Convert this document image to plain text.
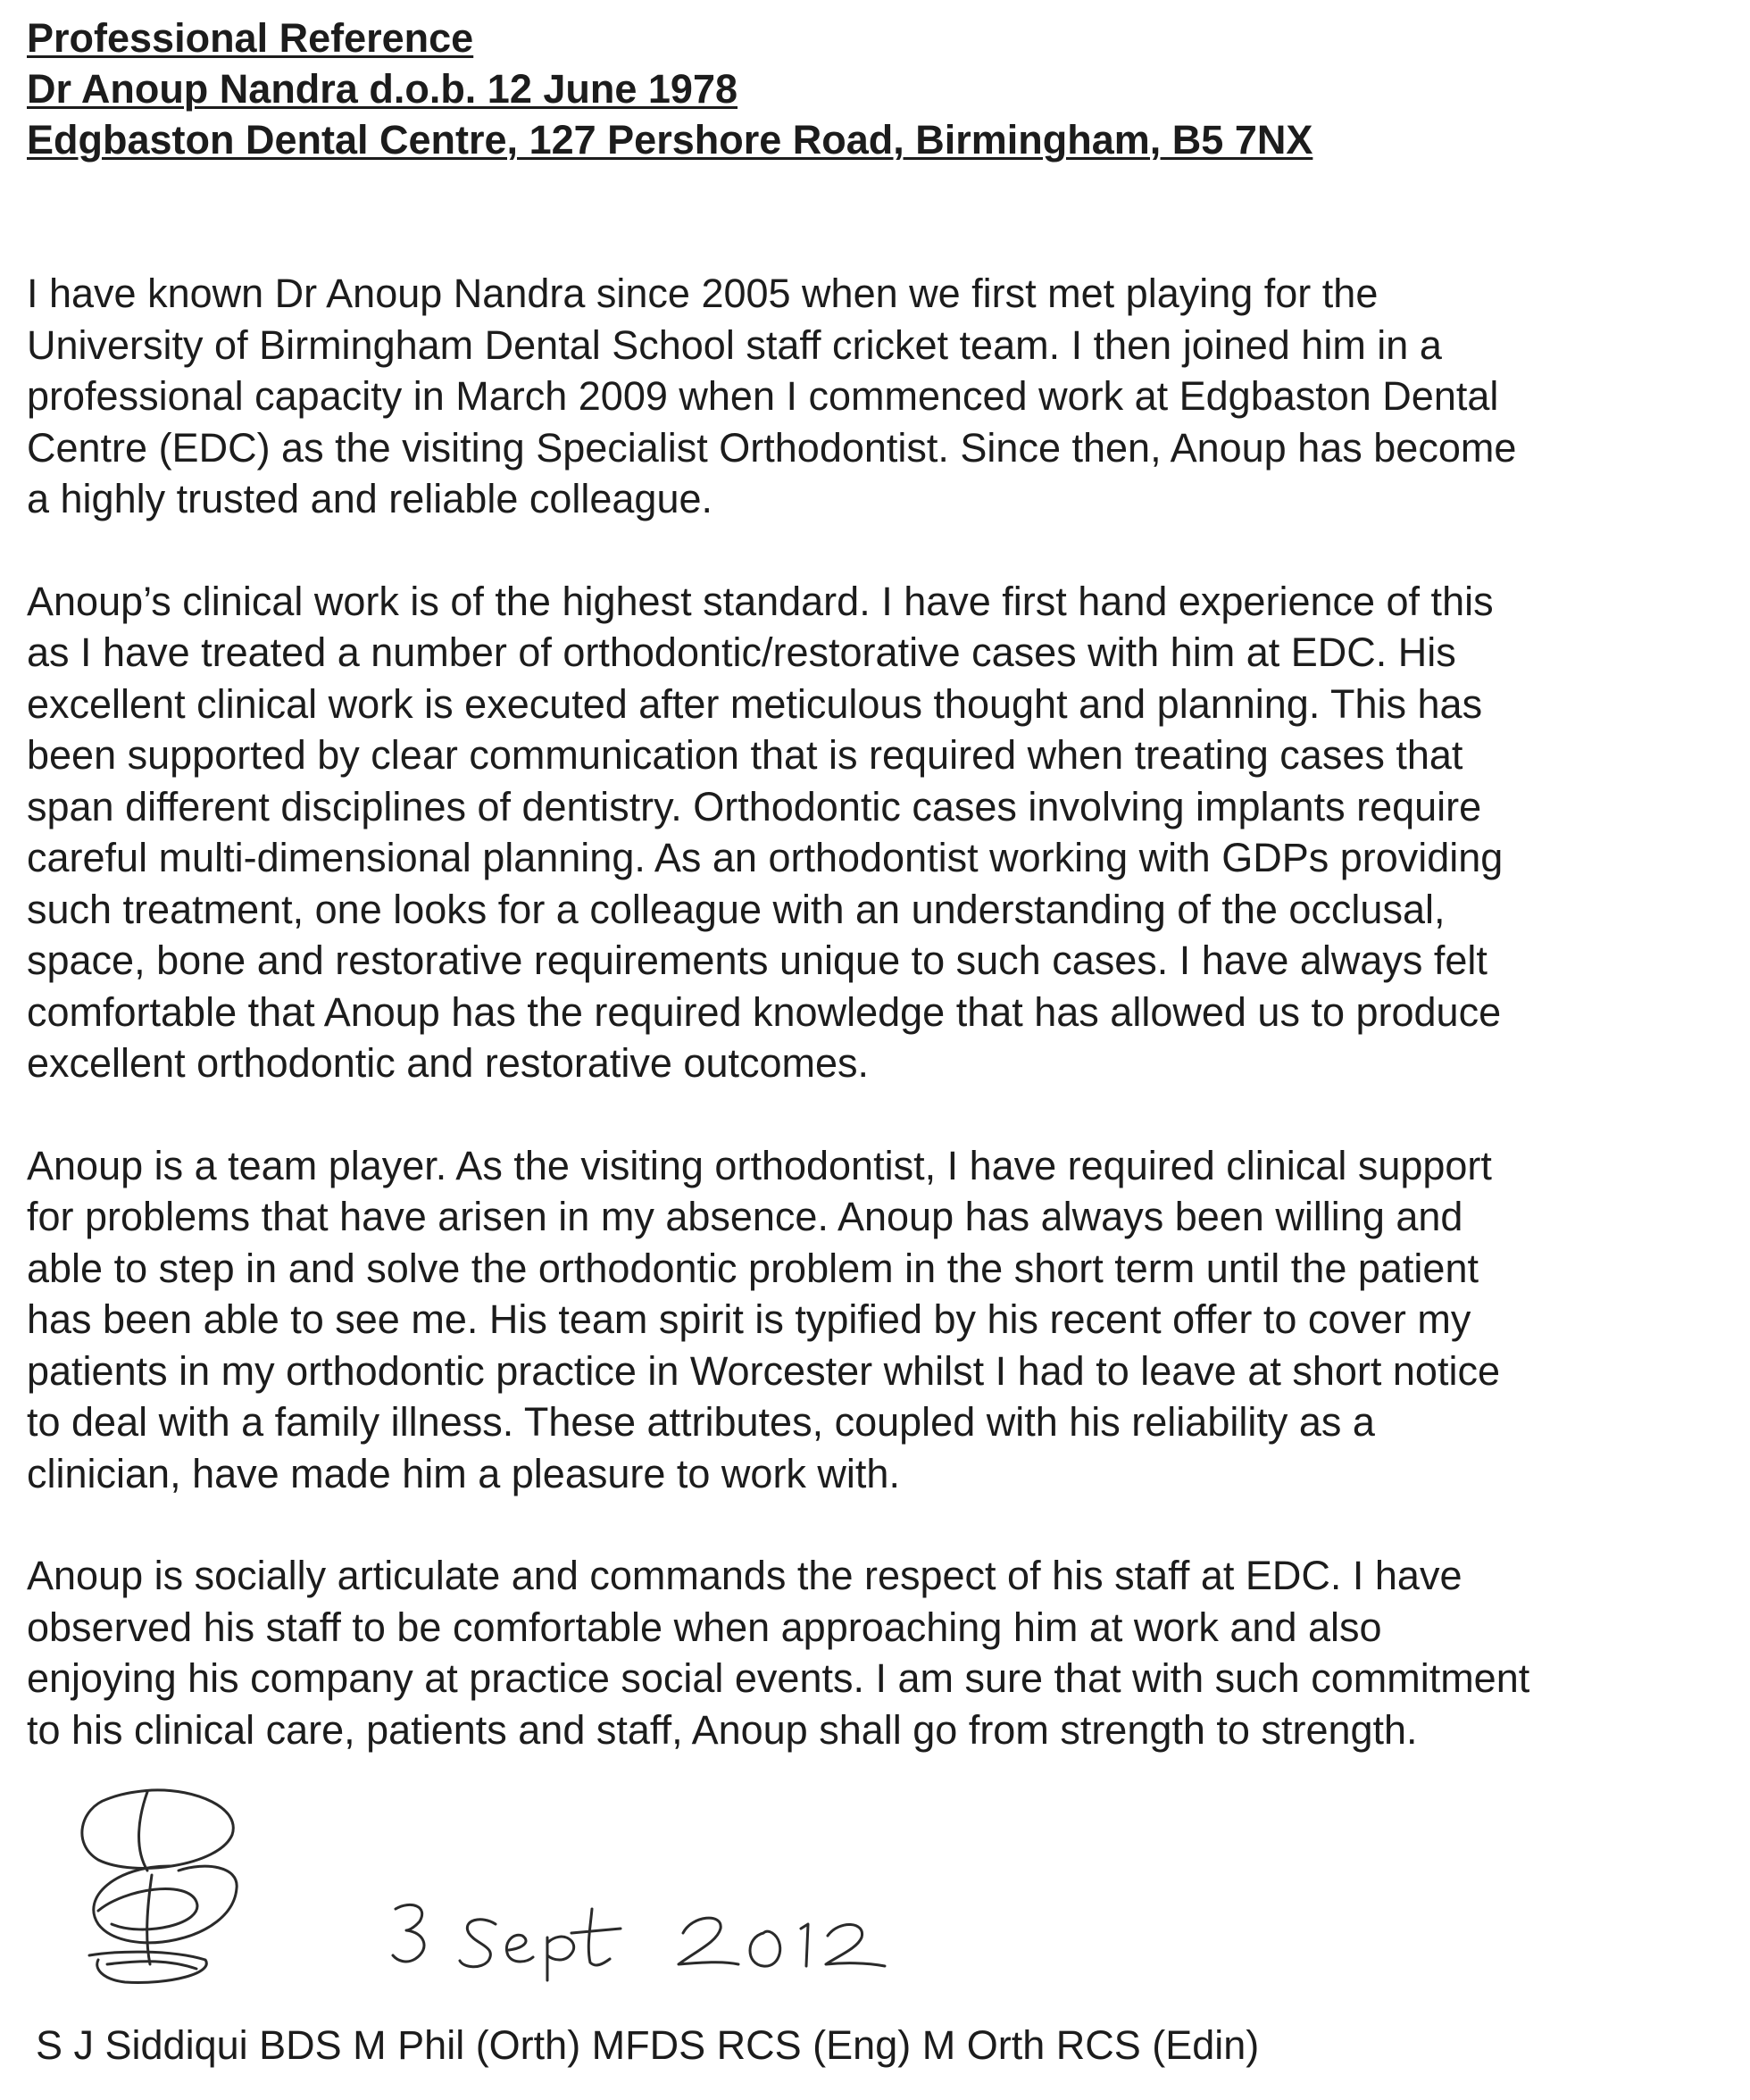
Professional Reference
Dr Anoup Nandra d.o.b. 12 June 1978
Edgbaston Dental Centre, 127 Pershore Road, Birmingham, B5 7NX

I have known Dr Anoup Nandra since 2005 when we first met playing for the
University of Birmingham Dental School staff cricket team. I then joined him in a
professional capacity in March 2009 when I commenced work at Edgbaston Dental
Centre (EDC) as the visiting Specialist Orthodontist. Since then, Anoup has become
a highly trusted and reliable colleague.

Anoup’s clinical work is of the highest standard. I have first hand experience of this
as I have treated a number of orthodontic/restorative cases with him at EDC. His
excellent clinical work is executed after meticulous thought and planning. This has
been supported by clear communication that is required when treating cases that
span different disciplines of dentistry. Orthodontic cases involving implants require
careful multi-dimensional planning. As an orthodontist working with GDPs providing
such treatment, one looks for a colleague with an understanding of the occlusal,
space, bone and restorative requirements unique to such cases. I have always felt
comfortable that Anoup has the required knowledge that has allowed us to produce
excellent orthodontic and restorative outcomes.

Anoup is a team player. As the visiting orthodontist, I have required clinical support
for problems that have arisen in my absence. Anoup has always been willing and
able to step in and solve the orthodontic problem in the short term until the patient
has been able to see me. His team spirit is typified by his recent offer to cover my
patients in my orthodontic practice in Worcester whilst I had to leave at short notice
to deal with a family illness. These attributes, coupled with his reliability as a
clinician, have made him a pleasure to work with.

Anoup is socially articulate and commands the respect of his staff at EDC. I have
observed his staff to be comfortable when approaching him at work and also
enjoying his company at practice social events. I am sure that with such commitment
to his clinical care, patients and staff, Anoup shall go from strength to strength.

S J Siddiqui BDS M Phil (Orth) MFDS RCS (Eng) M Orth RCS (Edin)
